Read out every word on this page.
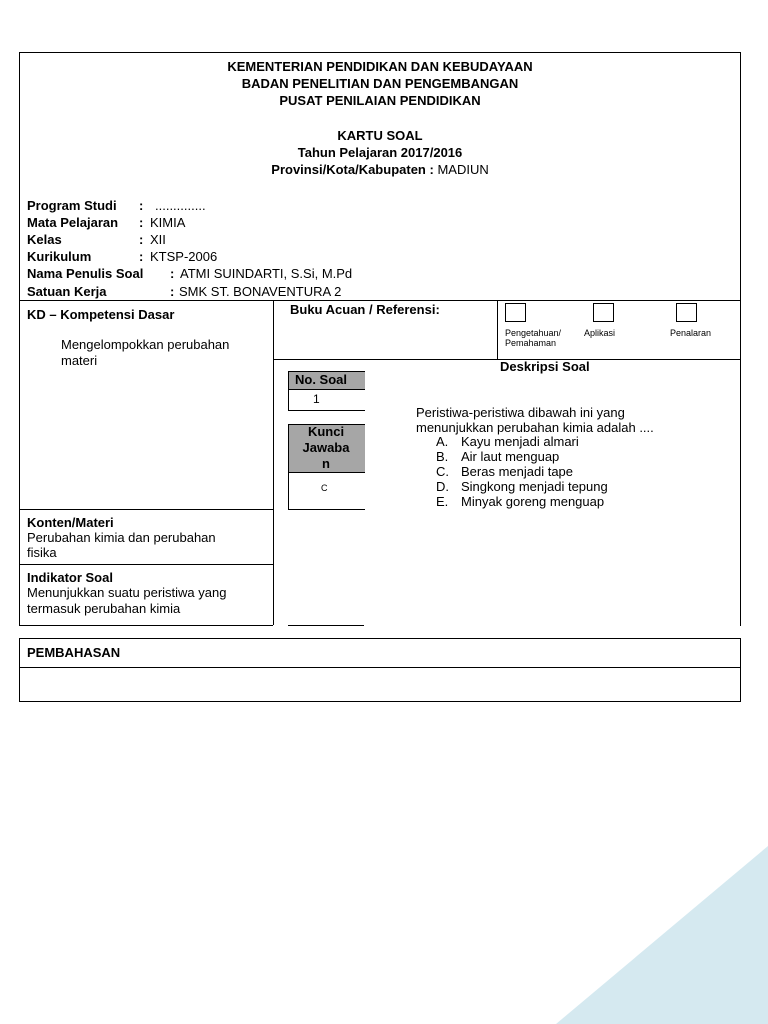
KEMENTERIAN PENDIDIKAN DAN KEBUDAYAAN
BADAN PENELITIAN DAN PENGEMBANGAN
PUSAT PENILAIAN PENDIDIKAN
KARTU SOAL
Tahun Pelajaran 2017/2016
Provinsi/Kota/Kabupaten : MADIUN
Program Studi : ..............
Mata Pelajaran : KIMIA
Kelas	: XII
Kurikulum	: KTSP-2006
Nama Penulis Soal : ATMI SUINDARTI, S.Si, M.Pd
Satuan Kerja	: SMK ST. BONAVENTURA 2
KD – Kompetensi Dasar
Mengelompokkan perubahan
materi
Buku Acuan / Referensi:
Pengetahuan/
Pemahaman
Aplikasi	Penalaran
No. Soal
1
Kunci
Jawaba
n
C
Deskripsi Soal
Peristiwa-peristiwa dibawah ini yang
menunjukkan perubahan kimia adalah ....
A. Kayu menjadi almari
B. Air laut menguap
C. Beras menjadi tape
D. Singkong menjadi tepung
E. Minyak goreng menguap
Konten/Materi
Perubahan kimia dan perubahan
fisika
Indikator Soal
Menunjukkan suatu peristiwa yang
termasuk perubahan kimia
PEMBAHASAN
